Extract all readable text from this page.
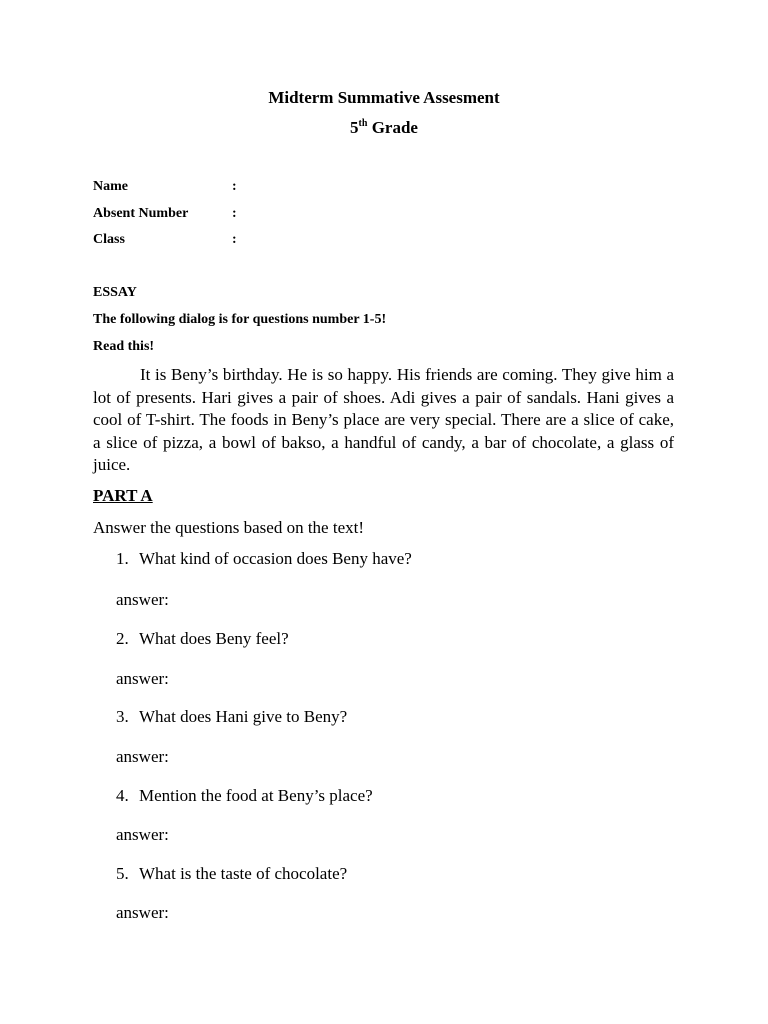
Midterm Summative Assesment

5th Grade

Name	:
Absent Number	:
Class	:

ESSAY

The following dialog is for questions number 1-5!

Read this!

It is Beny’s birthday. He is so happy. His friends are coming. They give him a lot of presents. Hari gives a pair of shoes. Adi gives a pair of sandals. Hani gives a cool of T-shirt. The foods in Beny’s place are very special. There are a slice of cake, a slice of pizza, a bowl of bakso, a handful of candy, a bar of chocolate, a glass of juice.

PART A

Answer the questions based on the text!

1. What kind of occasion does Beny have?

answer:

2. What does Beny feel?

answer:

3. What does Hani give to Beny?

answer:

4. Mention the food at Beny’s place?

answer:

5. What is the taste of chocolate?

answer:
